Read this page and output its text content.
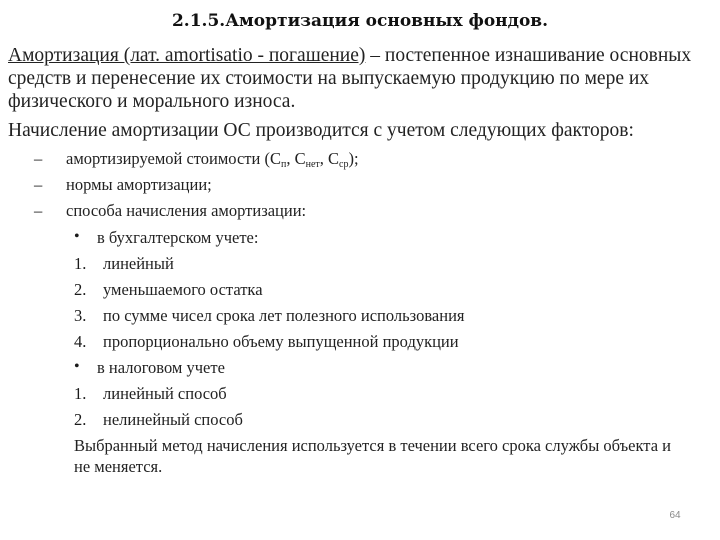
2.1.5.Амортизация основных фондов.
Амортизация (лат. amortisatio - погашение) – постепенное изнашивание основных средств и перенесение их стоимости на выпускаемую продукцию по мере их физического и морального износа.
Начисление амортизации ОС производится с учетом следующих факторов:
– амортизируемой стоимости ($С_п$, $С_{нет}$, $С_{ср}$);
– нормы амортизации;
– способа начисления амортизации:
• в бухгалтерском учете:
1. линейный
2. уменьшаемого остатка
3. по сумме чисел срока лет полезного использования
4. пропорционально объему выпущенной продукции
• в налоговом учете
1. линейный способ
2. нелинейный способ
Выбранный метод начисления используется в течении всего срока службы объекта и не меняется.
64
